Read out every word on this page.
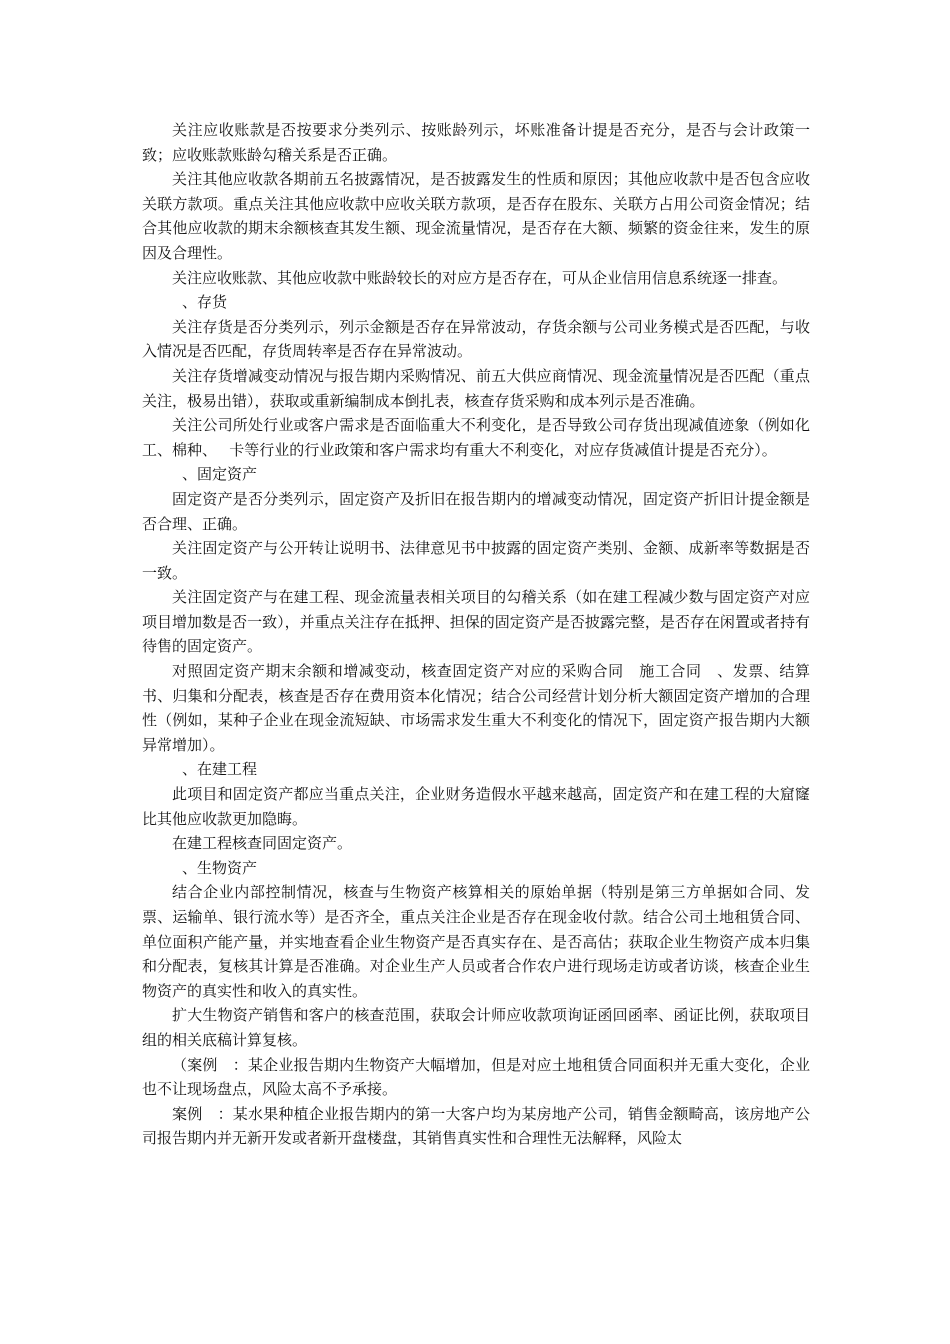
关注应收账款是否按要求分类列示、按账龄列示，坏账准备计提是否充分，是否与会计政策一致；应收账款账龄勾稽关系是否正确。

关注其他应收款各期前五名披露情况，是否披露发生的性质和原因；其他应收款中是否包含应收关联方款项。重点关注其他应收款中应收关联方款项，是否存在股东、关联方占用公司资金情况；结合其他应收款的期末余额核查其发生额、现金流量情况，是否存在大额、频繁的资金往来，发生的原因及合理性。

关注应收账款、其他应收款中账龄较长的对应方是否存在，可从企业信用信息系统逐一排查。

、存货

关注存货是否分类列示，列示金额是否存在异常波动，存货余额与公司业务模式是否匹配，与收入情况是否匹配，存货周转率是否存在异常波动。

关注存货增减变动情况与报告期内采购情况、前五大供应商情况、现金流量情况是否匹配（重点关注，极易出错），获取或重新编制成本倒扎表，核查存货采购和成本列示是否准确。

关注公司所处行业或客户需求是否面临重大不利变化，是否导致公司存货出现减值迹象（例如化工、棉种、　 卡等行业的行业政策和客户需求均有重大不利变化，对应存货减值计提是否充分）。

、固定资产

固定资产是否分类列示，固定资产及折旧在报告期内的增减变动情况，固定资产折旧计提金额是否合理、正确。

关注固定资产与公开转让说明书、法律意见书中披露的固定资产类别、金额、成新率等数据是否一致。

关注固定资产与在建工程、现金流量表相关项目的勾稽关系（如在建工程减少数与固定资产对应项目增加数是否一致），并重点关注存在抵押、担保的固定资产是否披露完整，是否存在闲置或者持有待售的固定资产。

对照固定资产期末余额和增减变动，核查固定资产对应的采购合同　施工合同　、发票、结算书、归集和分配表，核查是否存在费用资本化情况；结合公司经营计划分析大额固定资产增加的合理性（例如，某种子企业在现金流短缺、市场需求发生重大不利变化的情况下，固定资产报告期内大额异常增加）。

、在建工程

此项目和固定资产都应当重点关注，企业财务造假水平越来越高，固定资产和在建工程的大窟窿比其他应收款更加隐晦。

在建工程核查同固定资产。

、生物资产

结合企业内部控制情况，核查与生物资产核算相关的原始单据（特别是第三方单据如合同、发票、运输单、银行流水等）是否齐全，重点关注企业是否存在现金收付款。结合公司土地租赁合同、单位面积产能产量，并实地查看企业生物资产是否真实存在、是否高估；获取企业生物资产成本归集和分配表，复核其计算是否准确。对企业生产人员或者合作农户进行现场走访或者访谈，核查企业生物资产的真实性和收入的真实性。

扩大生物资产销售和客户的核查范围，获取会计师应收款项询证函回函率、函证比例，获取项目组的相关底稿计算复核。

（案例　：某企业报告期内生物资产大幅增加，但是对应土地租赁合同面积并无重大变化，企业也不让现场盘点，风险太高不予承接。

案例　：某水果种植企业报告期内的第一大客户均为某房地产公司，销售金额畸高，该房地产公司报告期内并无新开发或者新开盘楼盘，其销售真实性和合理性无法解释，风险太
